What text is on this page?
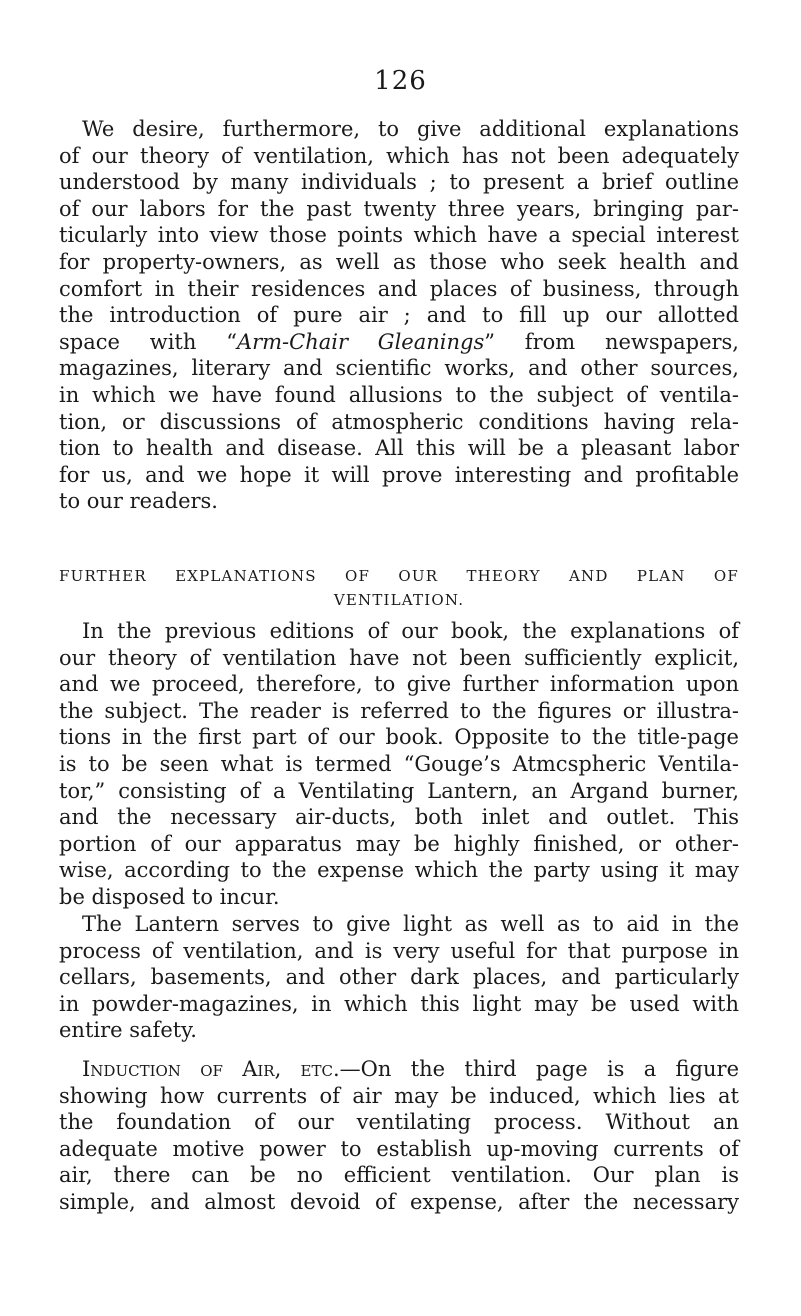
126
We desire, furthermore, to give additional explanations
of our theory of ventilation, which has not been adequately
understood by many individuals ; to present a brief outline
of our labors for the past twenty three years, bringing par-
ticularly into view those points which have a special interest
for property-owners, as well as those who seek health and
comfort in their residences and places of business, through
the introduction of pure air ; and to fill up our allotted
space with “Arm-Chair Gleanings” from newspapers,
magazines, literary and scientific works, and other sources,
in which we have found allusions to the subject of ventila-
tion, or discussions of atmospheric conditions having rela-
tion to health and disease. All this will be a pleasant labor
for us, and we hope it will prove interesting and profitable
to our readers.
FURTHER EXPLANATIONS OF OUR THEORY AND PLAN OF
VENTILATION.
In the previous editions of our book, the explanations of
our theory of ventilation have not been sufficiently explicit,
and we proceed, therefore, to give further information upon
the subject. The reader is referred to the figures or illustra-
tions in the first part of our book. Opposite to the title-page
is to be seen what is termed “Gouge’s Atmcspheric Ventila-
tor,” consisting of a Ventilating Lantern, an Argand burner,
and the necessary air-ducts, both inlet and outlet. This
portion of our apparatus may be highly finished, or other-
wise, according to the expense which the party using it may
be disposed to incur.
The Lantern serves to give light as well as to aid in the
process of ventilation, and is very useful for that purpose in
cellars, basements, and other dark places, and particularly
in powder-magazines, in which this light may be used with
entire safety.
Induction of Air, etc.—On the third page is a figure
showing how currents of air may be induced, which lies at
the foundation of our ventilating process. Without an
adequate motive power to establish up-moving currents of
air, there can be no efficient ventilation. Our plan is
simple, and almost devoid of expense, after the necessary
